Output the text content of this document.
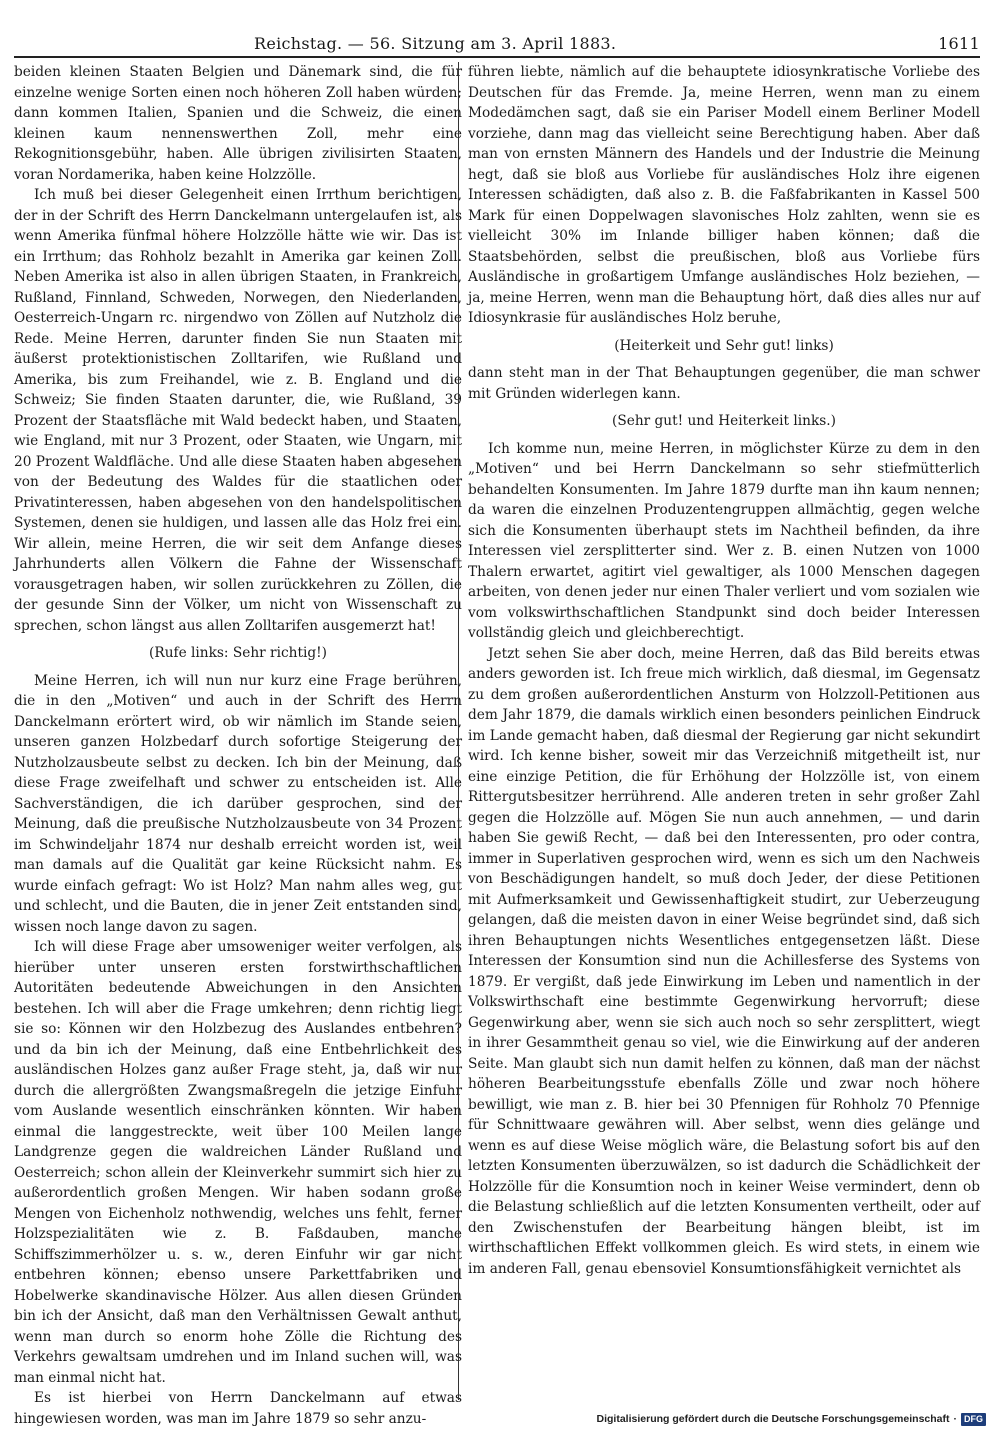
Reichstag. — 56. Sitzung am 3. April 1883.	1611

beiden kleinen Staaten Belgien und Dänemark sind, die für einzelne wenige Sorten einen noch höheren Zoll haben würden; dann kommen Italien, Spanien und die Schweiz, die einen kleinen kaum nennenswerthen Zoll, mehr eine Rekognitionsgebühr, haben. Alle übrigen zivilisirten Staaten, voran Nordamerika, haben keine Holzzölle.

Ich muß bei dieser Gelegenheit einen Irrthum berichtigen, der in der Schrift des Herrn Danckelmann untergelaufen ist, als wenn Amerika fünfmal höhere Holzzölle hätte wie wir. Das ist ein Irrthum; das Rohholz bezahlt in Amerika gar keinen Zoll. Neben Amerika ist also in allen übrigen Staaten, in Frankreich, Rußland, Finnland, Schweden, Norwegen, den Niederlanden, Oesterreich-Ungarn rc. nirgendwo von Zöllen auf Nutzholz die Rede. Meine Herren, darunter finden Sie nun Staaten mit äußerst protektionistischen Zolltarifen, wie Rußland und Amerika, bis zum Freihandel, wie z. B. England und die Schweiz; Sie finden Staaten darunter, die, wie Rußland, 39 Prozent der Staatsfläche mit Wald bedeckt haben, und Staaten, wie England, mit nur 3 Prozent, oder Staaten, wie Ungarn, mit 20 Prozent Waldfläche. Und alle diese Staaten haben abgesehen von der Bedeutung des Waldes für die staatlichen oder Privatinteressen, haben abgesehen von den handelspolitischen Systemen, denen sie huldigen, und lassen alle das Holz frei ein. Wir allein, meine Herren, die wir seit dem Anfange dieses Jahrhunderts allen Völkern die Fahne der Wissenschaft vorausgetragen haben, wir sollen zurückkehren zu Zöllen, die der gesunde Sinn der Völker, um nicht von Wissenschaft zu sprechen, schon längst aus allen Zolltarifen ausgemerzt hat!

(Rufe links: Sehr richtig!)

Meine Herren, ich will nun nur kurz eine Frage berühren, die in den „Motiven“ und auch in der Schrift des Herrn Danckelmann erörtert wird, ob wir nämlich im Stande seien, unseren ganzen Holzbedarf durch sofortige Steigerung der Nutzholzausbeute selbst zu decken. Ich bin der Meinung, daß diese Frage zweifelhaft und schwer zu entscheiden ist. Alle Sachverständigen, die ich darüber gesprochen, sind der Meinung, daß die preußische Nutzholzausbeute von 34 Prozent im Schwindeljahr 1874 nur deshalb erreicht worden ist, weil man damals auf die Qualität gar keine Rücksicht nahm. Es wurde einfach gefragt: Wo ist Holz? Man nahm alles weg, gut und schlecht, und die Bauten, die in jener Zeit entstanden sind, wissen noch lange davon zu sagen.

Ich will diese Frage aber umsoweniger weiter verfolgen, als hierüber unter unseren ersten forstwirthschaftlichen Autoritäten bedeutende Abweichungen in den Ansichten bestehen. Ich will aber die Frage umkehren; denn richtig liegt sie so: Können wir den Holzbezug des Auslandes entbehren? und da bin ich der Meinung, daß eine Entbehrlichkeit des ausländischen Holzes ganz außer Frage steht, ja, daß wir nur durch die allergrößten Zwangsmaßregeln die jetzige Einfuhr vom Auslande wesentlich einschränken könnten. Wir haben einmal die langgestreckte, weit über 100 Meilen lange Landgrenze gegen die waldreichen Länder Rußland und Oesterreich; schon allein der Kleinverkehr summirt sich hier zu außerordentlich großen Mengen. Wir haben sodann große Mengen von Eichenholz nothwendig, welches uns fehlt, ferner Holzspezialitäten wie z. B. Faßdauben, manche Schiffszimmerhölzer u. s. w., deren Einfuhr wir gar nicht entbehren können; ebenso unsere Parkettfabriken und Hobelwerke skandinavische Hölzer. Aus allen diesen Gründen bin ich der Ansicht, daß man den Verhältnissen Gewalt anthut, wenn man durch so enorm hohe Zölle die Richtung des Verkehrs gewaltsam umdrehen und im Inland suchen will, was man einmal nicht hat.

Es ist hierbei von Herrn Danckelmann auf etwas hingewiesen worden, was man im Jahre 1879 so sehr anzu-

führen liebte, nämlich auf die behauptete idiosynkratische Vorliebe des Deutschen für das Fremde. Ja, meine Herren, wenn man zu einem Modedämchen sagt, daß sie ein Pariser Modell einem Berliner Modell vorziehe, dann mag das vielleicht seine Berechtigung haben. Aber daß man von ernsten Männern des Handels und der Industrie die Meinung hegt, daß sie bloß aus Vorliebe für ausländisches Holz ihre eigenen Interessen schädigten, daß also z. B. die Faßfabrikanten in Kassel 500 Mark für einen Doppelwagen slavonisches Holz zahlten, wenn sie es vielleicht 30% im Inlande billiger haben können; daß die Staatsbehörden, selbst die preußischen, bloß aus Vorliebe fürs Ausländische in großartigem Umfange ausländisches Holz beziehen, — ja, meine Herren, wenn man die Behauptung hört, daß dies alles nur auf Idiosynkrasie für ausländisches Holz beruhe,

(Heiterkeit und Sehr gut! links)

dann steht man in der That Behauptungen gegenüber, die man schwer mit Gründen widerlegen kann.

(Sehr gut! und Heiterkeit links.)

Ich komme nun, meine Herren, in möglichster Kürze zu dem in den „Motiven“ und bei Herrn Danckelmann so sehr stiefmütterlich behandelten Konsumenten. Im Jahre 1879 durfte man ihn kaum nennen; da waren die einzelnen Produzentengruppen allmächtig, gegen welche sich die Konsumenten überhaupt stets im Nachtheil befinden, da ihre Interessen viel zersplitterter sind. Wer z. B. einen Nutzen von 1000 Thalern erwartet, agitirt viel gewaltiger, als 1000 Menschen dagegen arbeiten, von denen jeder nur einen Thaler verliert und vom sozialen wie vom volkswirthschaftlichen Standpunkt sind doch beider Interessen vollständig gleich und gleichberechtigt.

Jetzt sehen Sie aber doch, meine Herren, daß das Bild bereits etwas anders geworden ist. Ich freue mich wirklich, daß diesmal, im Gegensatz zu dem großen außerordentlichen Ansturm von Holzzoll-Petitionen aus dem Jahr 1879, die damals wirklich einen besonders peinlichen Eindruck im Lande gemacht haben, daß diesmal der Regierung gar nicht sekundirt wird. Ich kenne bisher, soweit mir das Verzeichniß mitgetheilt ist, nur eine einzige Petition, die für Erhöhung der Holzzölle ist, von einem Rittergutsbesitzer herrührend. Alle anderen treten in sehr großer Zahl gegen die Holzzölle auf. Mögen Sie nun auch annehmen, — und darin haben Sie gewiß Recht, — daß bei den Interessenten, pro oder contra, immer in Superlativen gesprochen wird, wenn es sich um den Nachweis von Beschädigungen handelt, so muß doch Jeder, der diese Petitionen mit Aufmerksamkeit und Gewissenhaftigkeit studirt, zur Ueberzeugung gelangen, daß die meisten davon in einer Weise begründet sind, daß sich ihren Behauptungen nichts Wesentliches entgegensetzen läßt. Diese Interessen der Konsumtion sind nun die Achillesferse des Systems von 1879. Er vergißt, daß jede Einwirkung im Leben und namentlich in der Volkswirthschaft eine bestimmte Gegenwirkung hervorruft; diese Gegenwirkung aber, wenn sie sich auch noch so sehr zersplittert, wiegt in ihrer Gesammtheit genau so viel, wie die Einwirkung auf der anderen Seite. Man glaubt sich nun damit helfen zu können, daß man der nächst höheren Bearbeitungsstufe ebenfalls Zölle und zwar noch höhere bewilligt, wie man z. B. hier bei 30 Pfennigen für Rohholz 70 Pfennige für Schnittwaare gewähren will. Aber selbst, wenn dies gelänge und wenn es auf diese Weise möglich wäre, die Belastung sofort bis auf den letzten Konsumenten überzuwälzen, so ist dadurch die Schädlichkeit der Holzzölle für die Konsumtion noch in keiner Weise vermindert, denn ob die Belastung schließlich auf die letzten Konsumenten vertheilt, oder auf den Zwischenstufen der Bearbeitung hängen bleibt, ist im wirthschaftlichen Effekt vollkommen gleich. Es wird stets, in einem wie im anderen Fall, genau ebensoviel Konsumtionsfähigkeit vernichtet als

Digitalisierung gefördert durch die Deutsche Forschungsgemeinschaft · DFG
